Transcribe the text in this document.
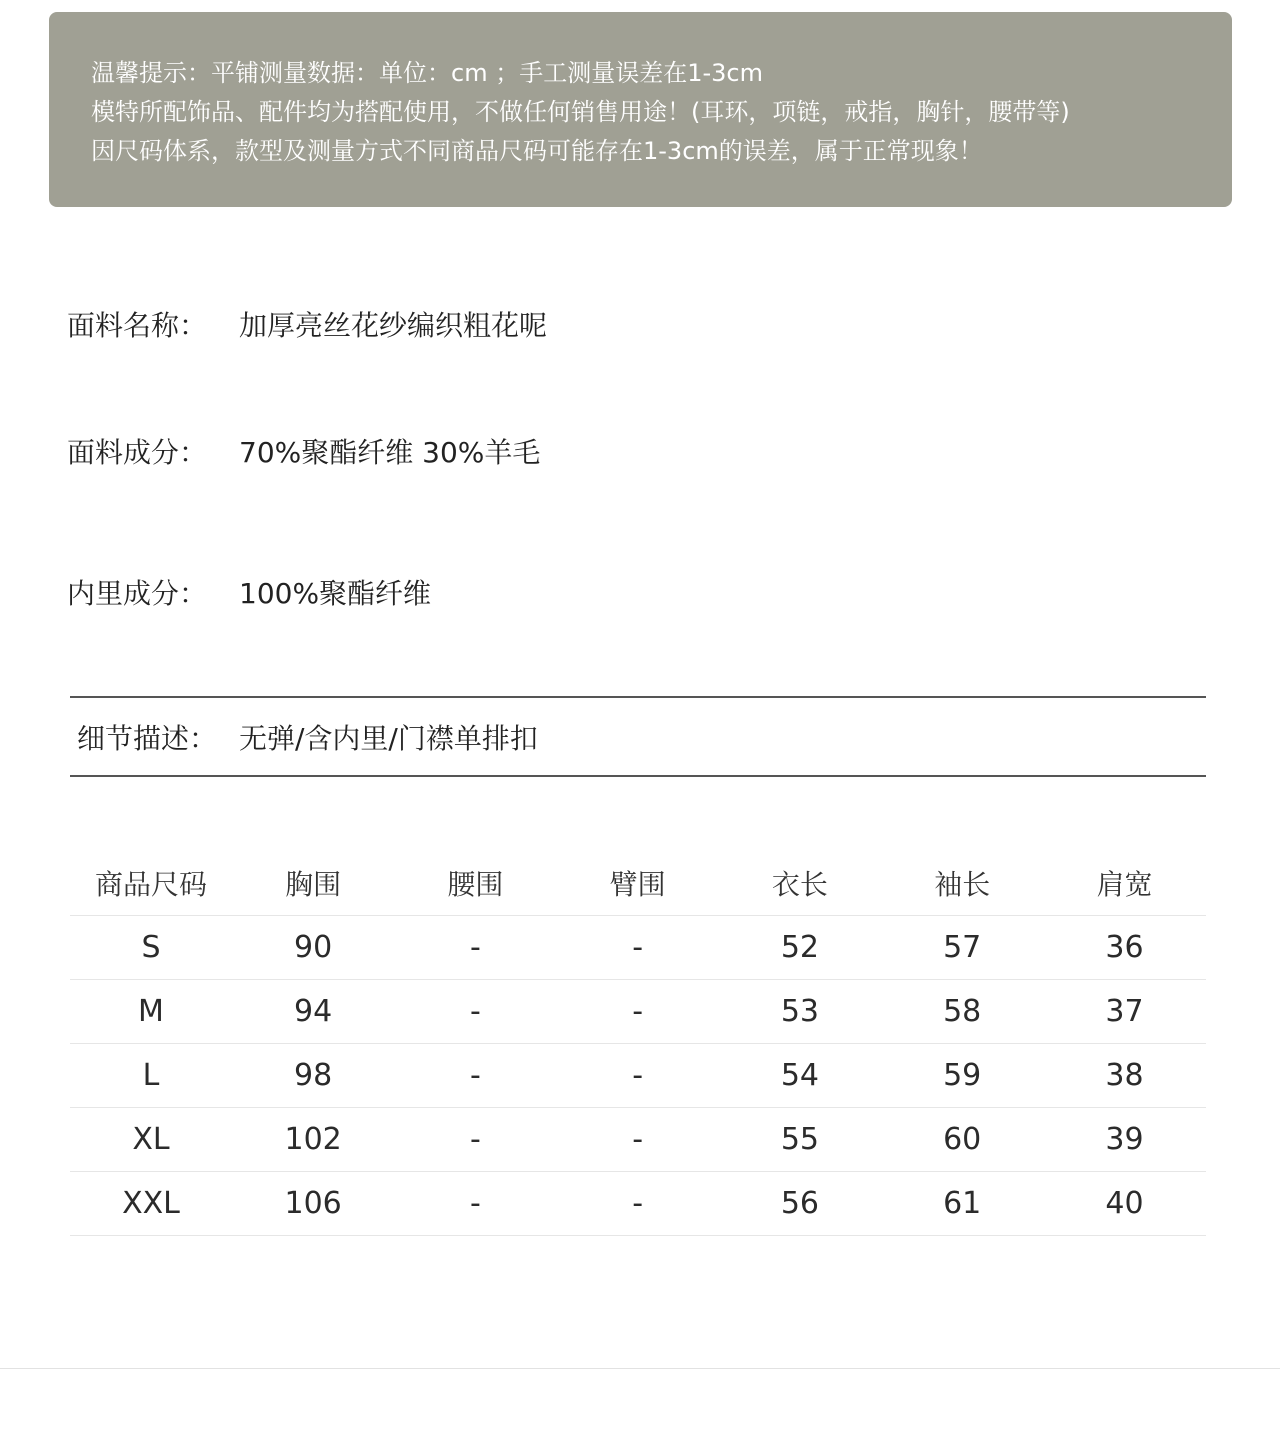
温馨提示：平铺测量数据：单位：cm ；手工测量误差在1-3cm
模特所配饰品、配件均为搭配使用，不做任何销售用途！(耳环，项链，戒指，胸针，腰带等)
因尺码体系，款型及测量方式不同商品尺码可能存在1-3cm的误差，属于正常现象！
面料名称： 加厚亮丝花纱编织粗花呢
面料成分： 70%聚酯纤维 30%羊毛
内里成分： 100%聚酯纤维
细节描述： 无弹/含内里/门襟单排扣
商品尺码	胸围	腰围	臂围	衣长	袖长	肩宽
S	90	-	-	52	57	36
M	94	-	-	53	58	37
L	98	-	-	54	59	38
XL	102	-	-	55	60	39
XXL	106	-	-	56	61	40
